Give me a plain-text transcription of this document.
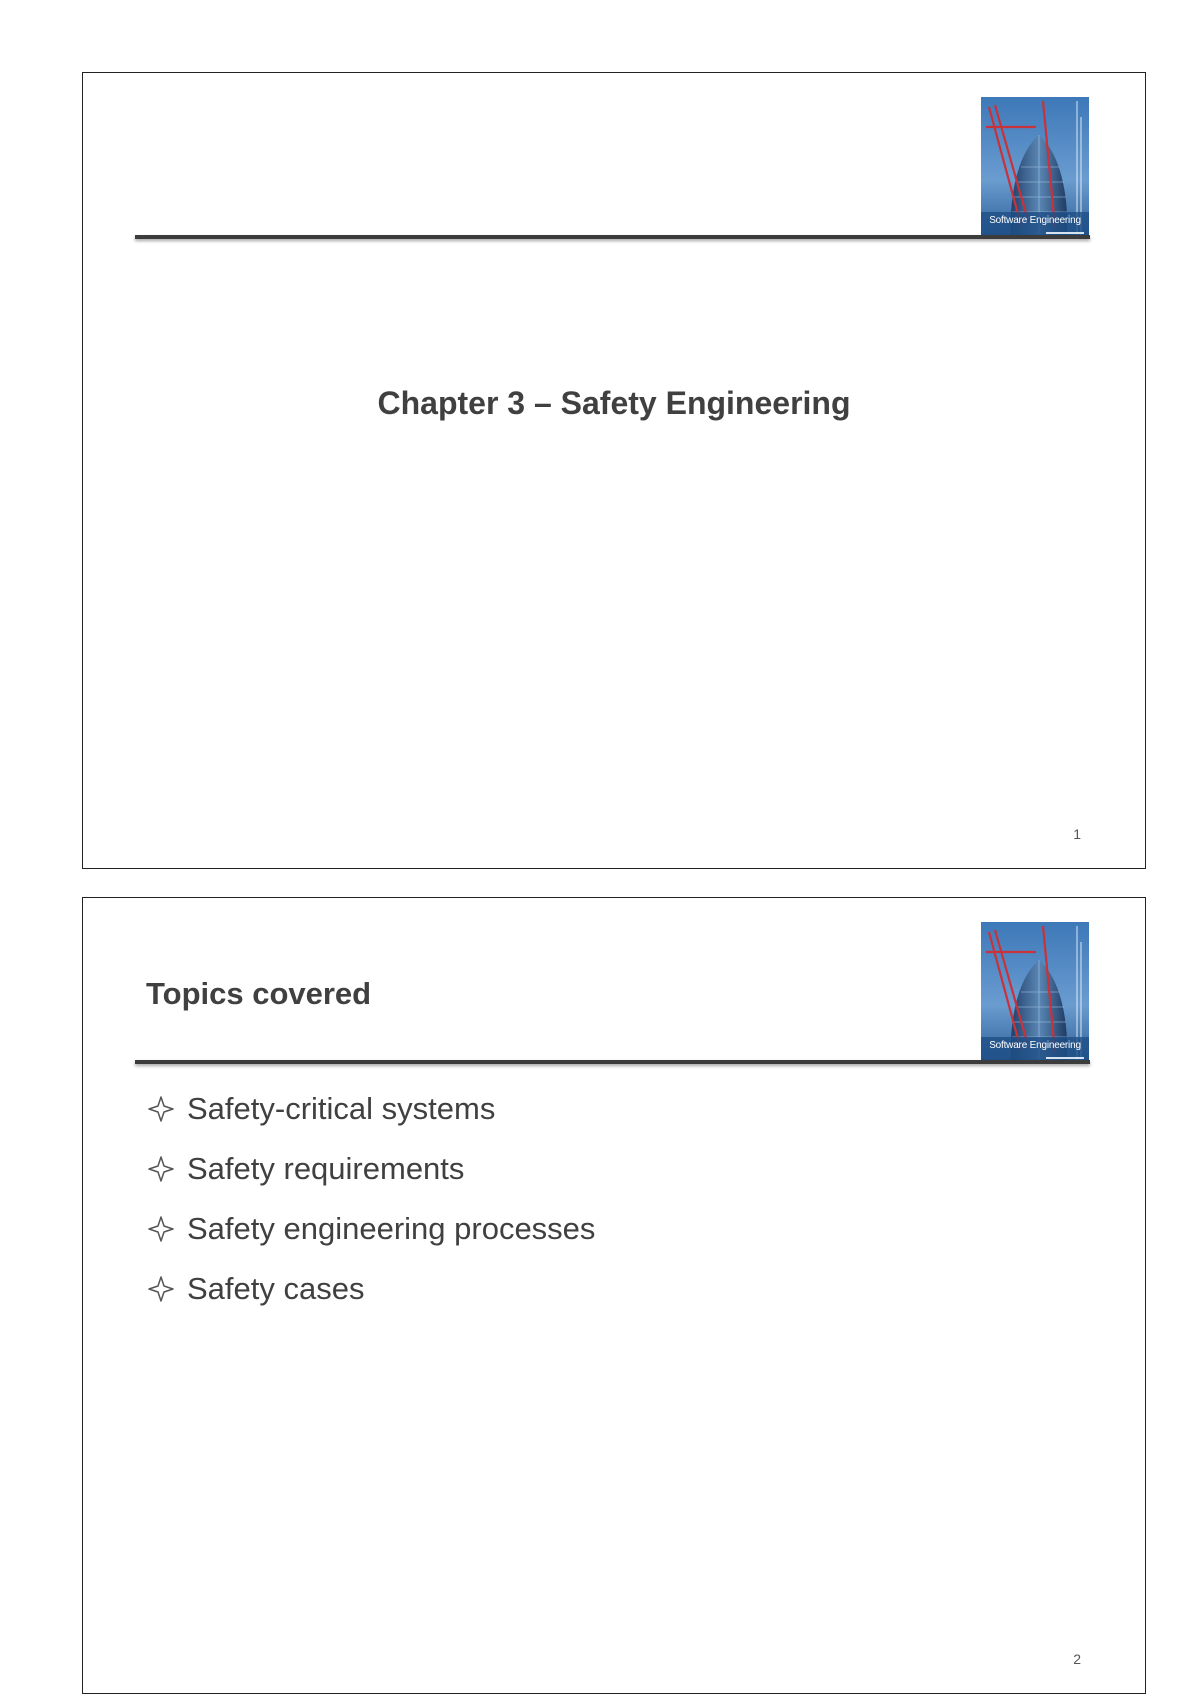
Software Engineering
Chapter 3 – Safety Engineering
1
Software Engineering
Topics covered
Safety-critical systems
Safety requirements
Safety engineering processes
Safety cases
2
